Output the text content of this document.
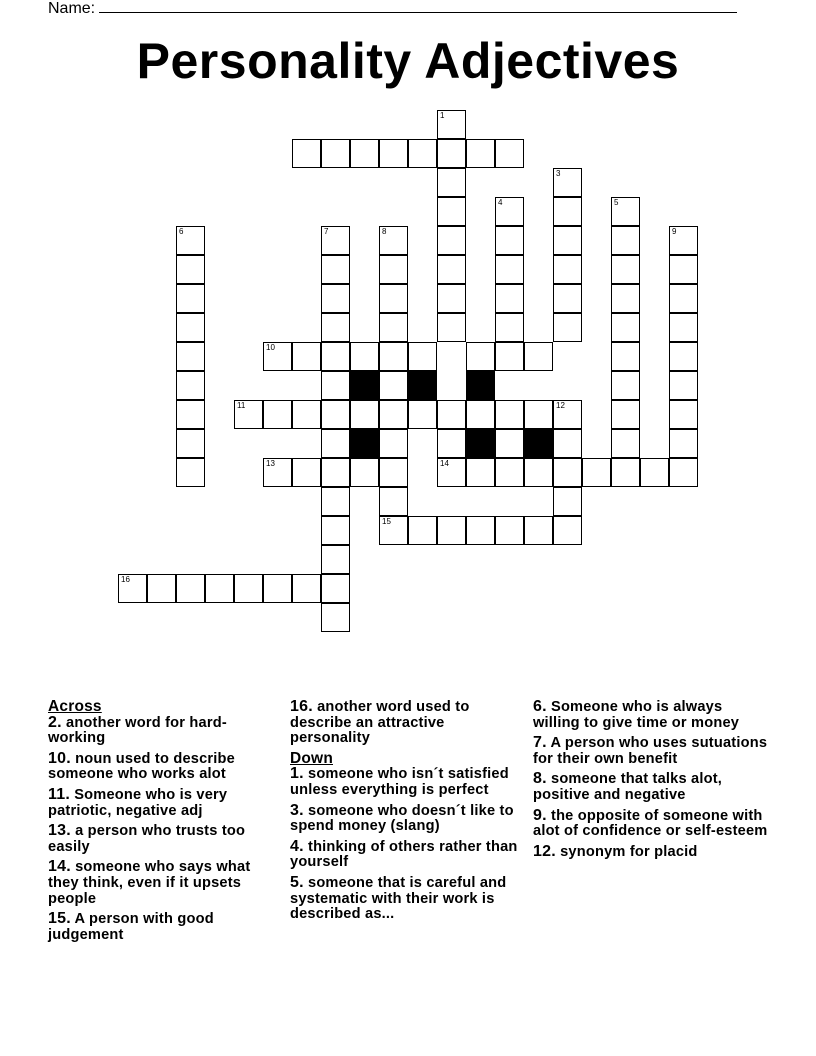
Name:
Personality Adjectives
1
3
4	5
6	7	8	9
10
11	12
13	14
15
16
Across
2. another word for hard-working
10. noun used to describe someone who works alot
11. Someone who is very patriotic, negative adj
13. a person who trusts too easily
14. someone who says what they think, even if it upsets people
15. A person with good judgement
16. another word used to describe an attractive personality
Down
1. someone who isn´t satisfied unless everything is perfect
3. someone who doesn´t like to spend money (slang)
4. thinking of others rather than yourself
5. someone that is careful and systematic with their work is described as...
6. Someone who is always willing to give time or money
7. A person who uses sutuations for their own benefit
8. someone that talks alot, positive and negative
9. the opposite of someone with alot of confidence or self-esteem
12. synonym for placid
